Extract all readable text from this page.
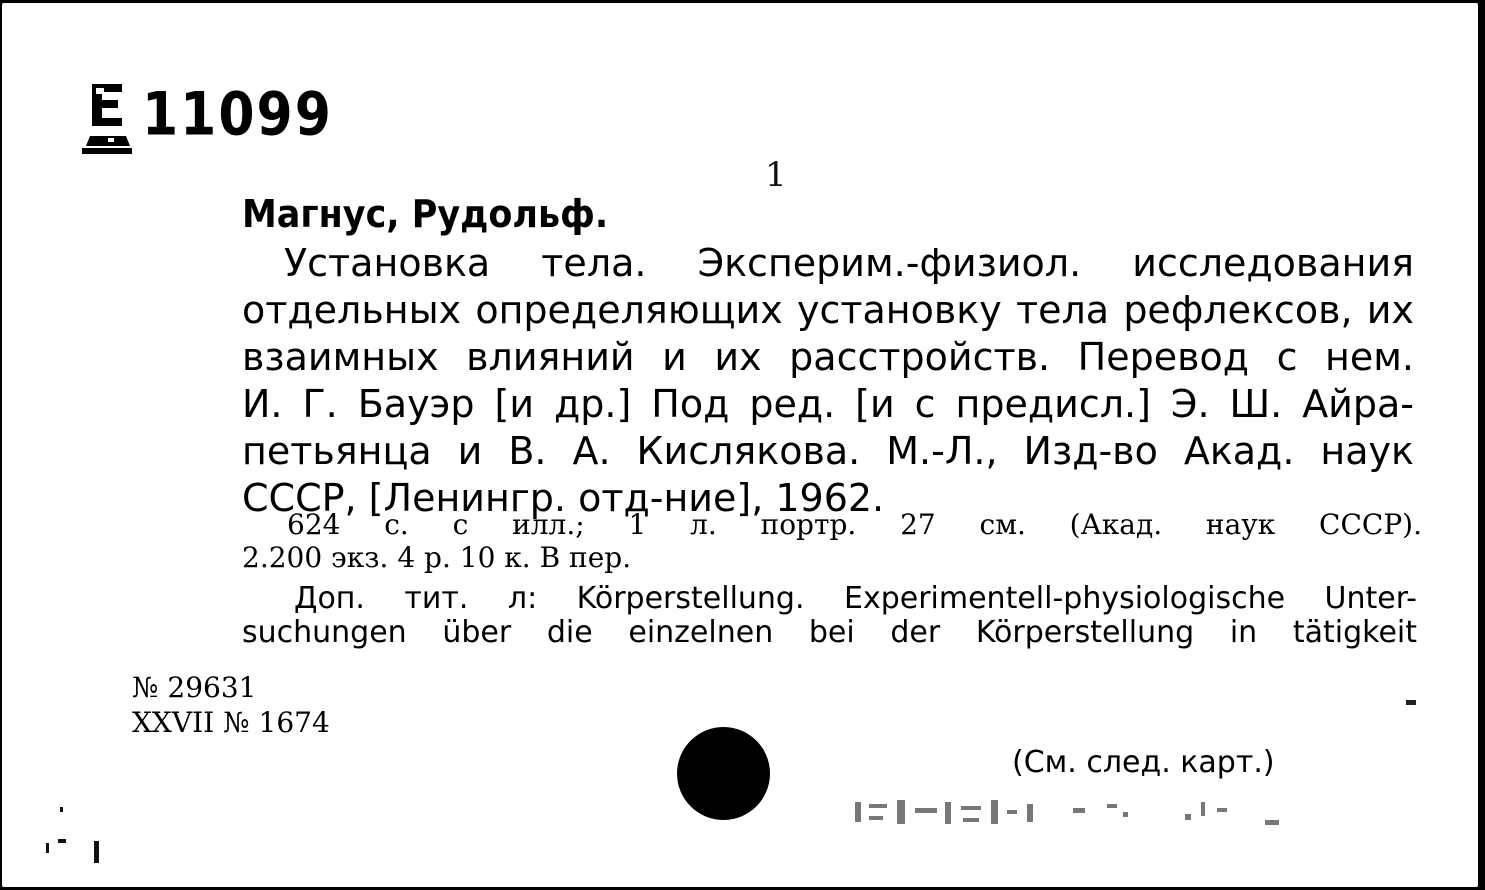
11099
1
Магнус, Рудольф.
Установка тела. Эксперим.-физиол. исследования
отдельных определяющих установку тела рефлексов, их
взаимных влияний и их расстройств. Перевод с нем.
И. Г. Бауэр [и др.] Под ред. [и с предисл.] Э. Ш. Айра-
петьянца и В. А. Кислякова. М.-Л., Изд-во Акад. наук
СССР, [Ленингр. отд-ние], 1962.
624 с. с илл.; 1 л. портр. 27 см. (Акад. наук СССР).
2.200 экз. 4 р. 10 к. В пер.
Доп. тит. л: Körperstellung. Experimentell-physiologische Unter-
suchungen über die einzelnen bei der Körperstellung in tätigkeit
№ 29631
XXVII № 1674
(См. след. карт.)
